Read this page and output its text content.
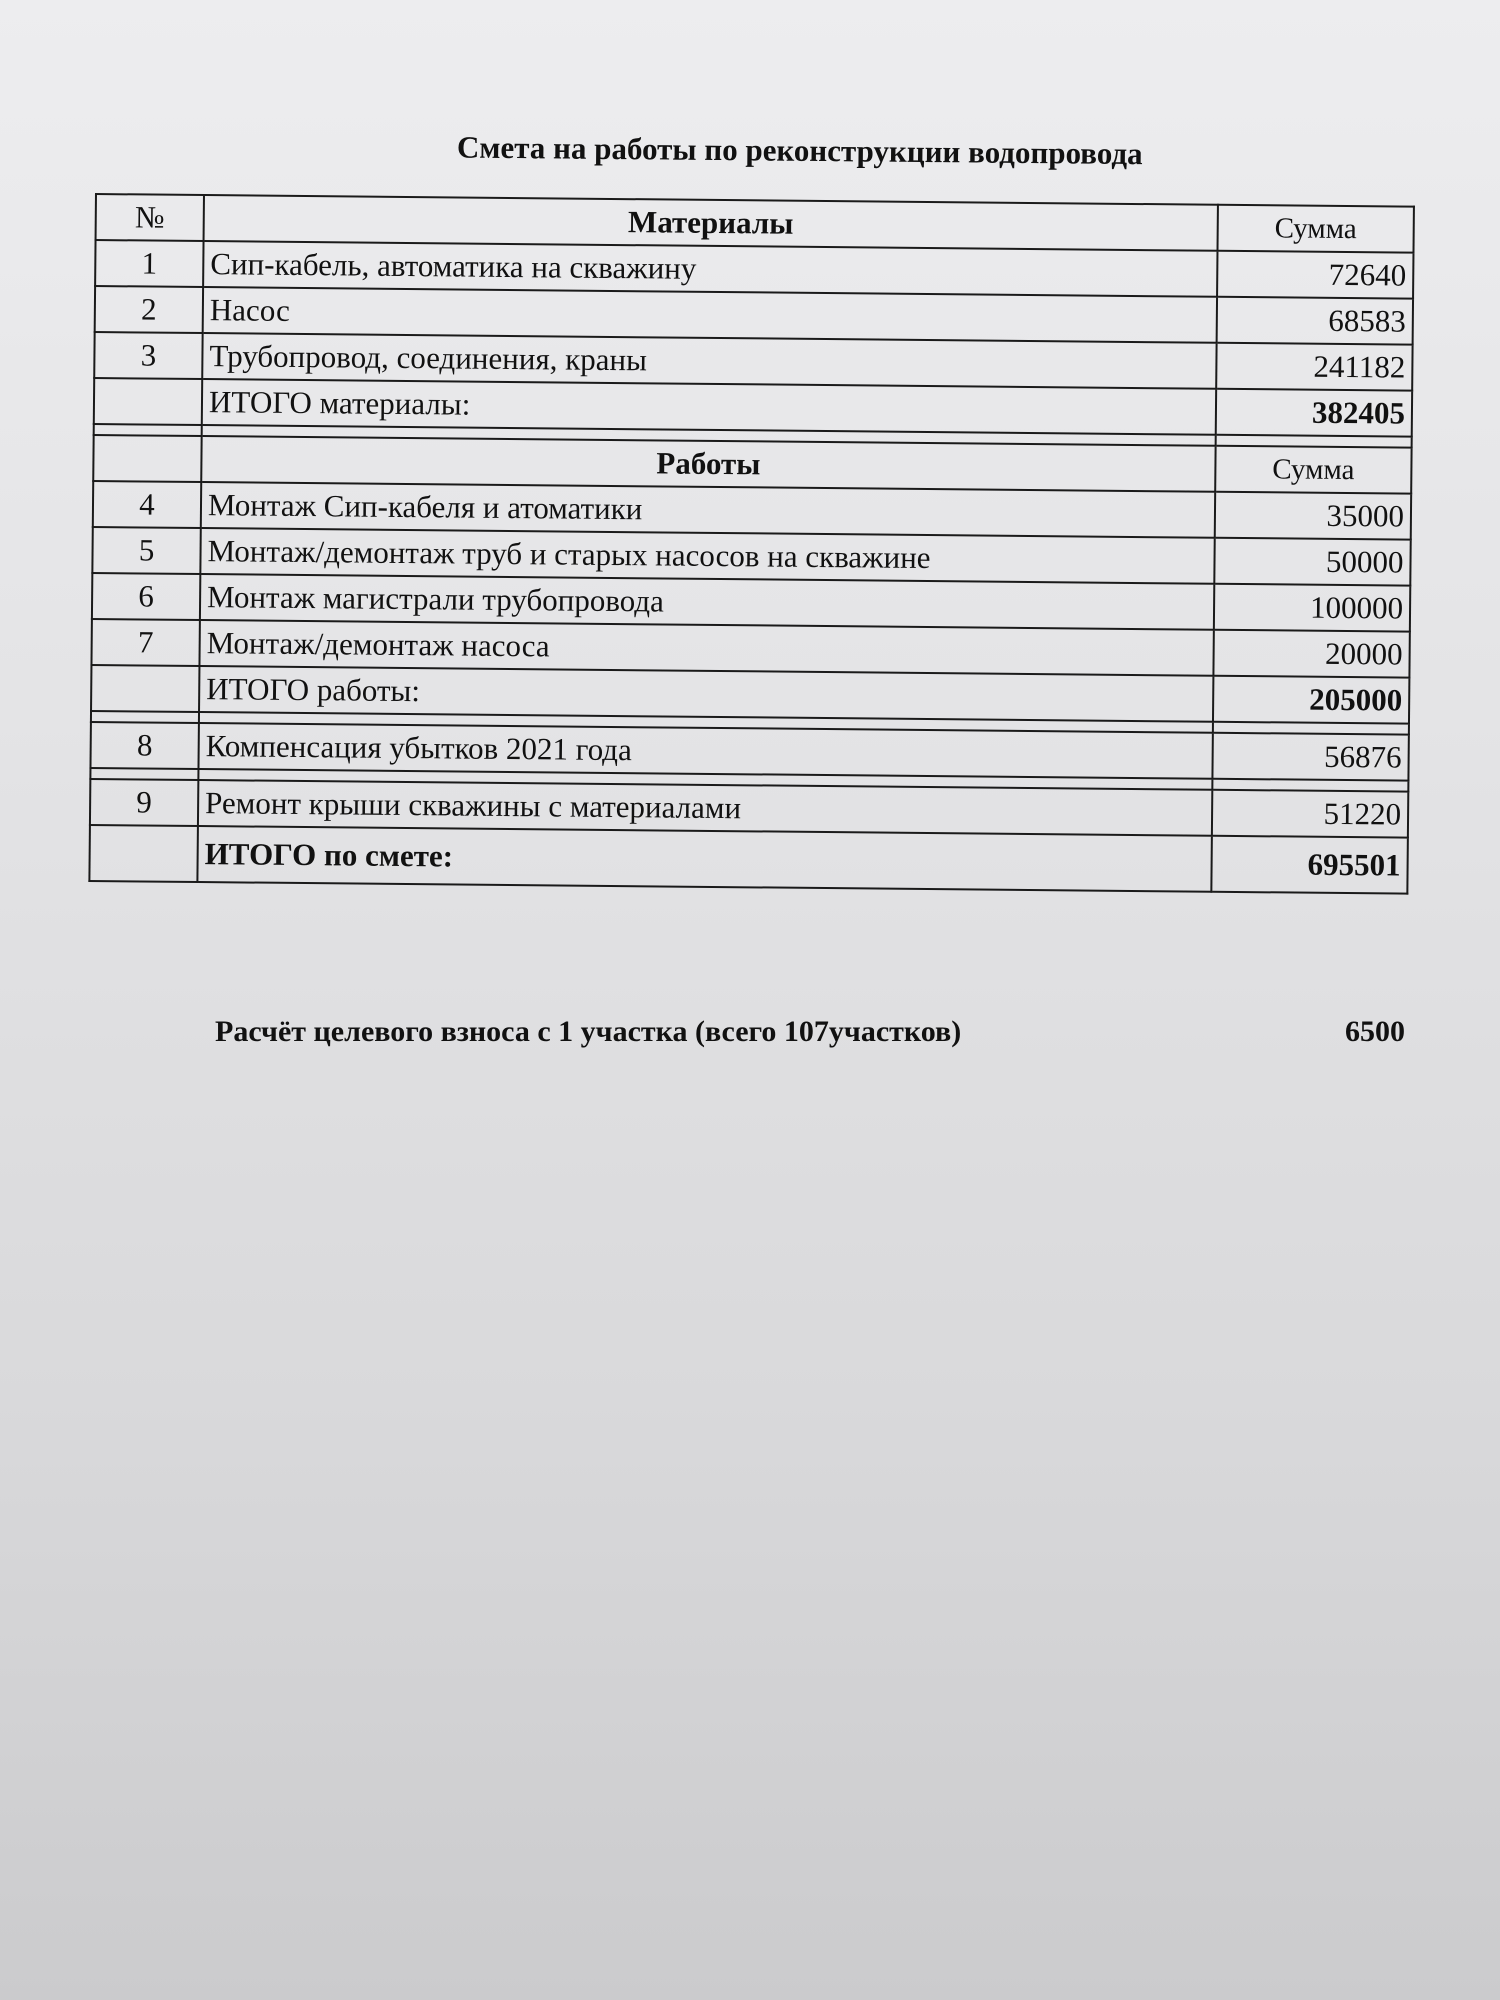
Смета на работы по реконструкции водопровода
№	Материалы	Сумма
1	Сип-кабель, автоматика на скважину	72640
2	Насос	68583
3	Трубопровод, соединения, краны	241182
	ИТОГО материалы:	382405

	Работы	Сумма
4	Монтаж Сип-кабеля и атоматики	35000
5	Монтаж/демонтаж труб и старых насосов на скважине	50000
6	Монтаж магистрали трубопровода	100000
7	Монтаж/демонтаж насоса	20000
	ИТОГО работы:	205000

8	Компенсация убытков 2021 года	56876

9	Ремонт крыши скважины с материалами	51220
	ИТОГО по смете:	695501
Расчёт целевого взноса с 1 участка (всего 107участков)	6500
